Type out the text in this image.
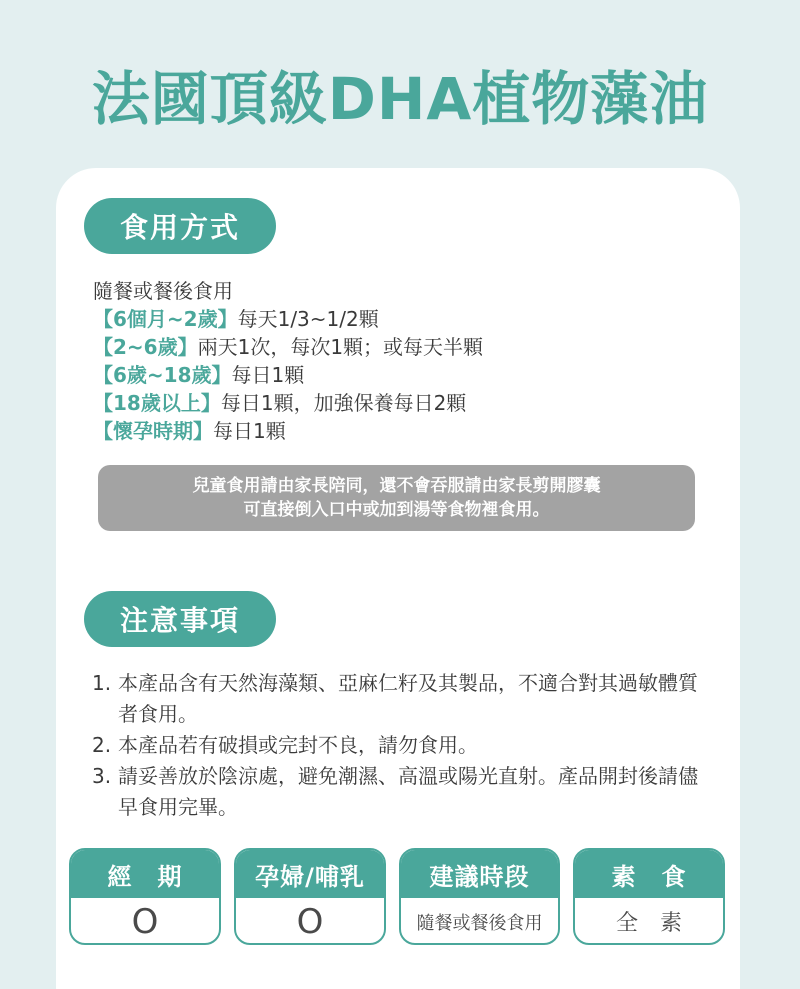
法國頂級DHA植物藻油
食用方式
隨餐或餐後食用
【6個月~2歲】每天1/3~1/2顆
【2~6歲】兩天1次，每次1顆；或每天半顆
【6歲~18歲】每日1顆
【18歲以上】每日1顆，加強保養每日2顆
【懷孕時期】每日1顆
兒童食用請由家長陪同，還不會吞服請由家長剪開膠囊
可直接倒入口中或加到湯等食物裡食用。
注意事項
1. 本產品含有天然海藻類、亞麻仁籽及其製品，不適合對其過敏體質者食用。
2. 本產品若有破損或完封不良，請勿食用。
3. 請妥善放於陰涼處，避免潮濕、高溫或陽光直射。產品開封後請儘早食用完畢。
經　期
O
孕婦/哺乳
O
建議時段
隨餐或餐後食用
素　食
全　素
